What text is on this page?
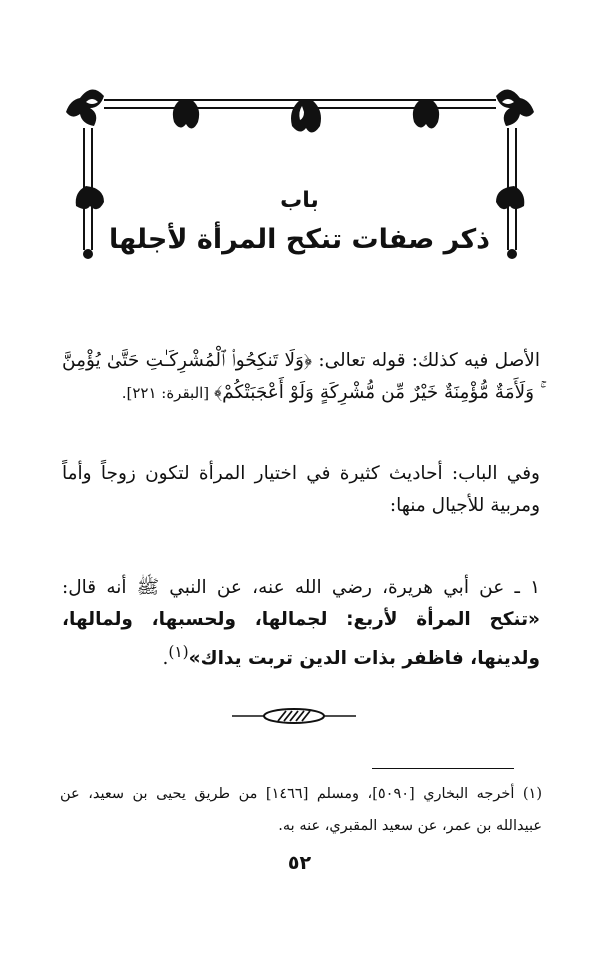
باب
ذكر صفات تنكح المرأة لأجلها
الأصل فيه كذلك: قوله تعالى: ﴿وَلَا تَنكِحُوا۟ ٱلْمُشْرِكَـٰتِ حَتَّىٰ يُؤْمِنَّ ۚ وَلَأَمَةٌ مُّؤْمِنَةٌ خَيْرٌ مِّن مُّشْرِكَةٍ وَلَوْ أَعْجَبَتْكُمْ﴾ [البقرة: ٢٢١].
وفي الباب: أحاديث كثيرة في اختيار المرأة لتكون زوجاً وأماً ومربية للأجيال منها:
١ ـ عن أبي هريرة، رضي الله عنه، عن النبي ﷺ أنه قال: «تنكح المرأة لأربع: لجمالها، ولحسبها، ولمالها، ولدينها، فاظفر بذات الدين تربت يداك»$^{(١)}$.
(١) أخرجه البخاري [٥٠٩٠]، ومسلم [١٤٦٦] من طريق يحيى بن سعيد، عن عبيدالله بن عمر، عن سعيد المقبري، عنه به.
٥٢
